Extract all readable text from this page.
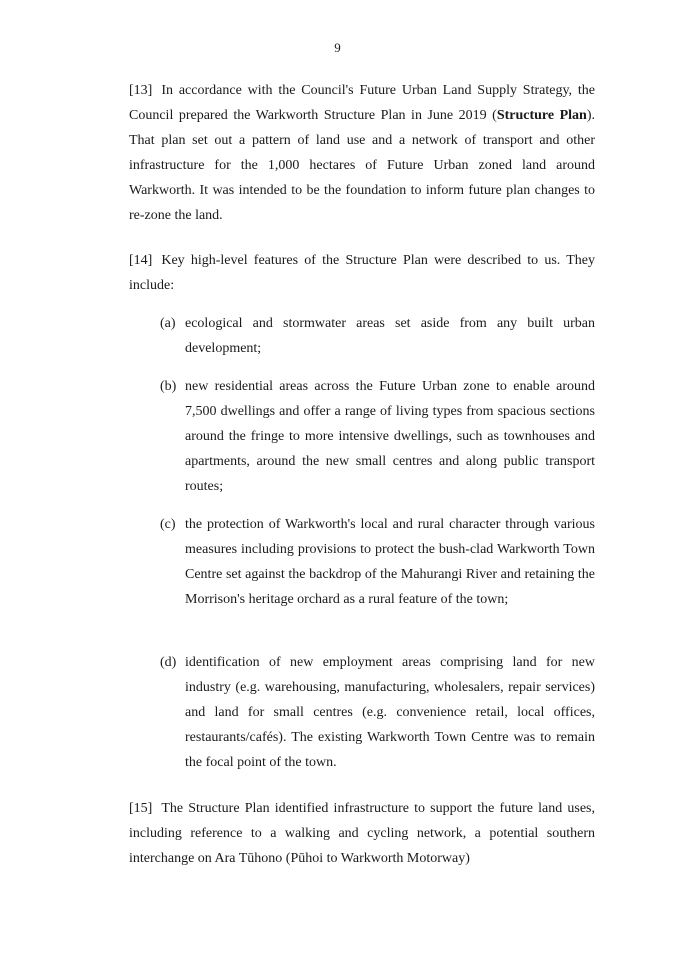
9
[13] In accordance with the Council's Future Urban Land Supply Strategy, the Council prepared the Warkworth Structure Plan in June 2019 (Structure Plan). That plan set out a pattern of land use and a network of transport and other infrastructure for the 1,000 hectares of Future Urban zoned land around Warkworth. It was intended to be the foundation to inform future plan changes to re-zone the land.
[14] Key high-level features of the Structure Plan were described to us. They include:
(a) ecological and stormwater areas set aside from any built urban development;
(b) new residential areas across the Future Urban zone to enable around 7,500 dwellings and offer a range of living types from spacious sections around the fringe to more intensive dwellings, such as townhouses and apartments, around the new small centres and along public transport routes;
(c) the protection of Warkworth's local and rural character through various measures including provisions to protect the bush-clad Warkworth Town Centre set against the backdrop of the Mahurangi River and retaining the Morrison's heritage orchard as a rural feature of the town;
(d) identification of new employment areas comprising land for new industry (e.g. warehousing, manufacturing, wholesalers, repair services) and land for small centres (e.g. convenience retail, local offices, restaurants/cafés). The existing Warkworth Town Centre was to remain the focal point of the town.
[15] The Structure Plan identified infrastructure to support the future land uses, including reference to a walking and cycling network, a potential southern interchange on Ara Tūhono (Pūhoi to Warkworth Motorway)
